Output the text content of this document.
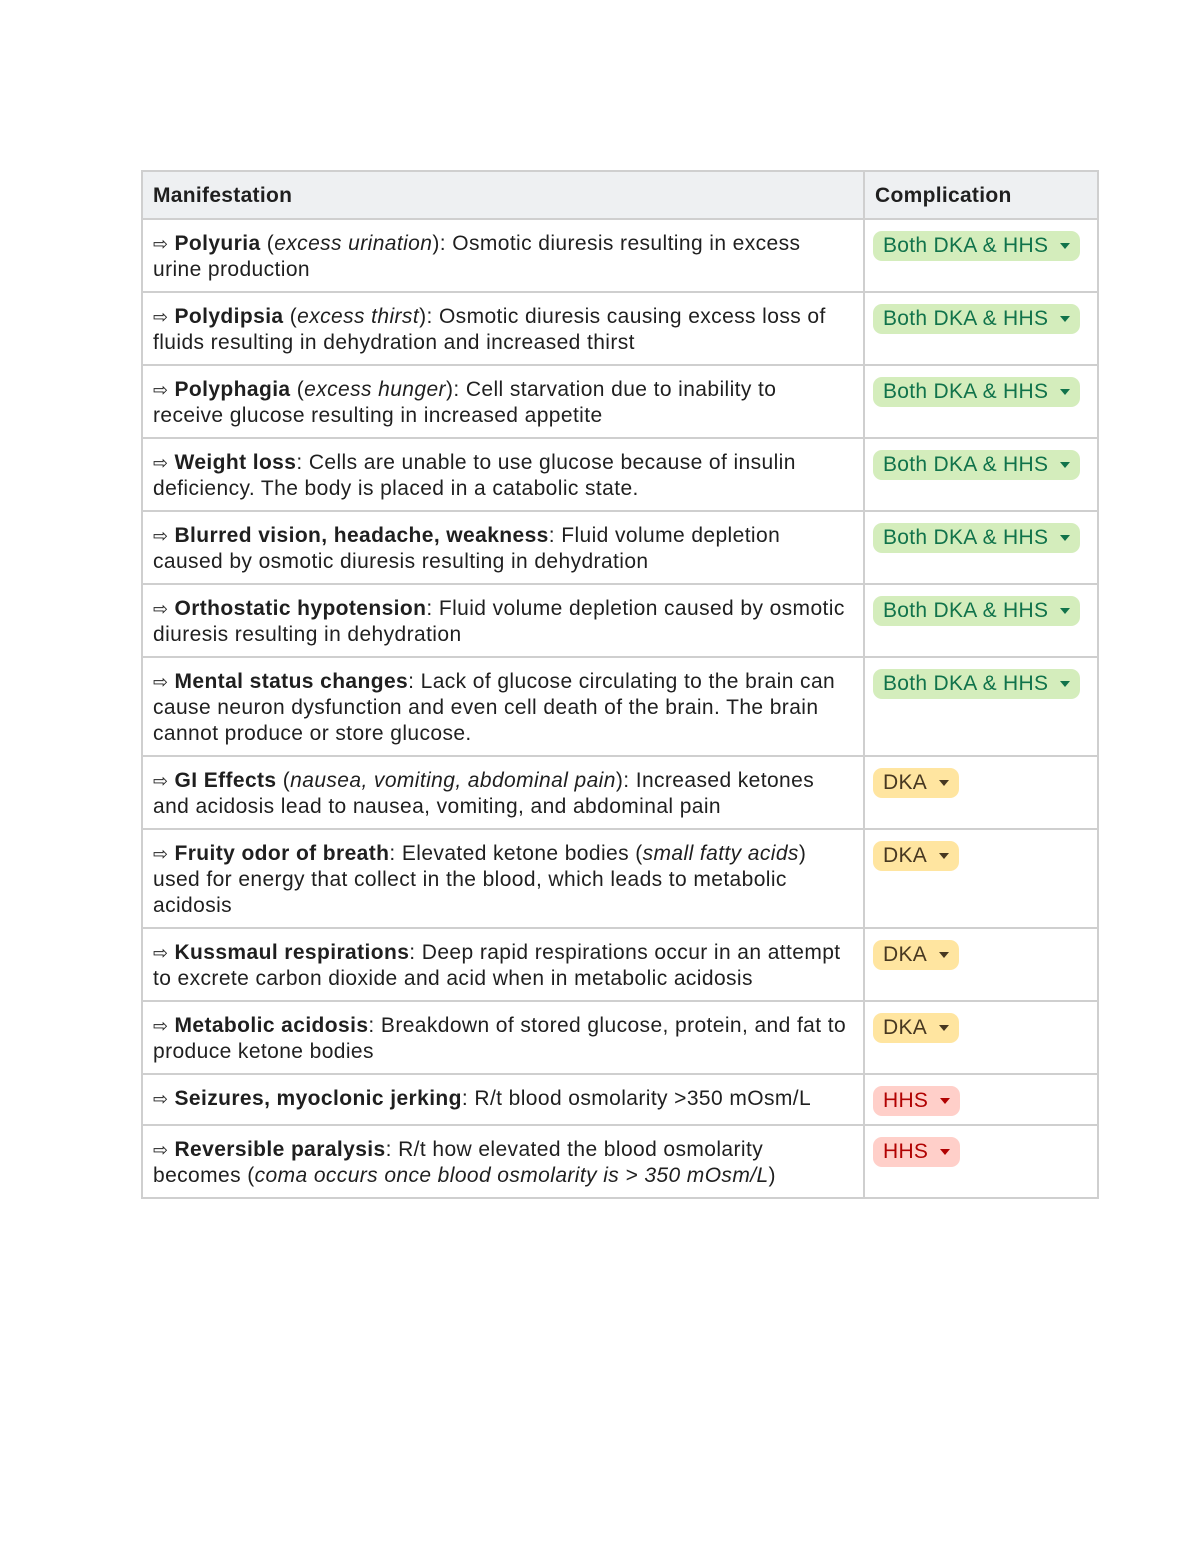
Manifestation	Complication
⇨ Polyuria (excess urination): Osmotic diuresis resulting in excess urine production	Both DKA & HHS

⇨ Polydipsia (excess thirst): Osmotic diuresis causing excess loss of fluids resulting in dehydration and increased thirst	Both DKA & HHS

⇨ Polyphagia (excess hunger): Cell starvation due to inability to receive glucose resulting in increased appetite	Both DKA & HHS

⇨ Weight loss: Cells are unable to use glucose because of insulin deficiency. The body is placed in a catabolic state.	Both DKA & HHS

⇨ Blurred vision, headache, weakness: Fluid volume depletion caused by osmotic diuresis resulting in dehydration	Both DKA & HHS

⇨ Orthostatic hypotension: Fluid volume depletion caused by osmotic diuresis resulting in dehydration	Both DKA & HHS

⇨ Mental status changes: Lack of glucose circulating to the brain can cause neuron dysfunction and even cell death of the brain. The brain cannot produce or store glucose.	Both DKA & HHS

⇨ GI Effects (nausea, vomiting, abdominal pain): Increased ketones and acidosis lead to nausea, vomiting, and abdominal pain	DKA

⇨ Fruity odor of breath: Elevated ketone bodies (small fatty acids) used for energy that collect in the blood, which leads to metabolic acidosis	DKA

⇨ Kussmaul respirations: Deep rapid respirations occur in an attempt to excrete carbon dioxide and acid when in metabolic acidosis	DKA

⇨ Metabolic acidosis: Breakdown of stored glucose, protein, and fat to produce ketone bodies	DKA

⇨ Seizures, myoclonic jerking: R/t blood osmolarity >350 mOsm/L	HHS

⇨ Reversible paralysis: R/t how elevated the blood osmolarity becomes (coma occurs once blood osmolarity is > 350 mOsm/L)	HHS
